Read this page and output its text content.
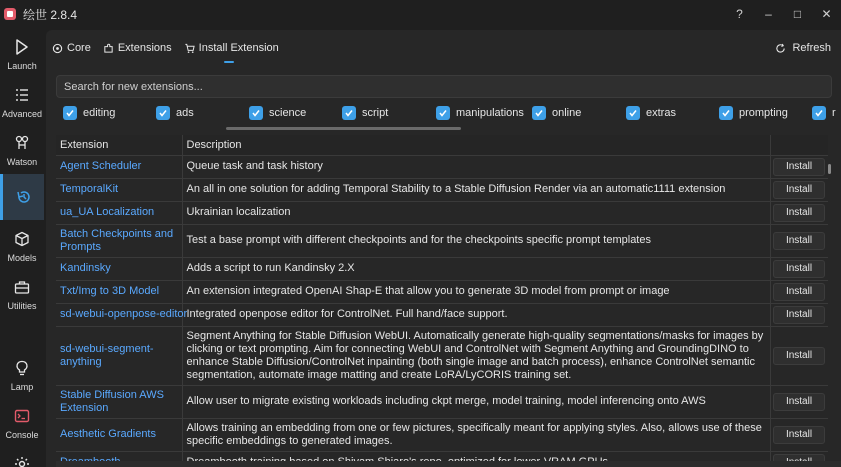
绘世 2.8.4	?	–	□	✕
Launch
Advanced
Watson
Models
Utilities
Lamp
Console
Core Extensions Install Extension	Refresh
Search for new extensions...
editing	ads	science	script	manipulations	online	extras	prompting	r
Extension	Description	
Agent Scheduler	Queue task and task history	Install

TemporalKit	An all in one solution for adding Temporal Stability to a Stable Diffusion Render via an automatic1111 extension	Install

ua_UA Localization	Ukrainian localization	Install

Batch Checkpoints and Prompts	Test a base prompt with different checkpoints and for the checkpoints specific prompt templates	Install

Kandinsky	Adds a script to run Kandinsky 2.X	Install

Txt/Img to 3D Model	An extension integrated OpenAI Shap-E that allow you to generate 3D model from prompt or image	Install

sd-webui-openpose-editor	Integrated openpose editor for ControlNet. Full hand/face support.	Install

sd-webui-segment-anything	Segment Anything for Stable Diffusion WebUI. Automatically generate high-quality segmentations/masks for images by clicking or text prompting. Aim for connecting WebUI and ControlNet with Segment Anything and GroundingDINO to enhance Stable Diffusion/ControlNet inpainting (both single image and batch process), enhance ControlNet semantic segmentation, automate image matting and create LoRA/LyCORIS training set.	Install

Stable Diffusion AWS Extension	Allow user to migrate existing workloads including ckpt merge, model training, model inferencing onto AWS	Install

Aesthetic Gradients	Allows training an embedding from one or few pictures, specifically meant for applying styles. Also, allows use of these specific embeddings to generated images.	Install
